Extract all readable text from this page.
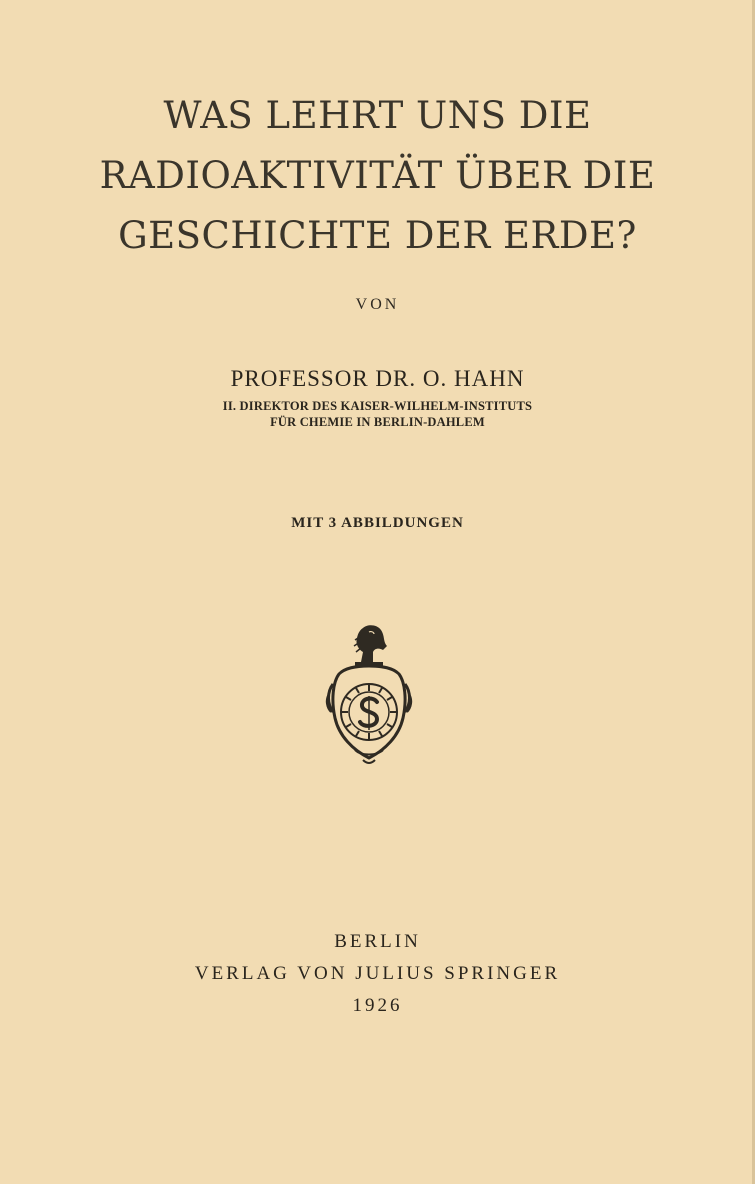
WAS LEHRT UNS DIE
RADIOAKTIVITÄT ÜBER DIE
GESCHICHTE DER ERDE?
VON
PROFESSOR DR. O. HAHN
II. DIREKTOR DES KAISER-WILHELM-INSTITUTS
FÜR CHEMIE IN BERLIN-DAHLEM
MIT 3 ABBILDUNGEN
BERLIN
VERLAG VON JULIUS SPRINGER
1926
